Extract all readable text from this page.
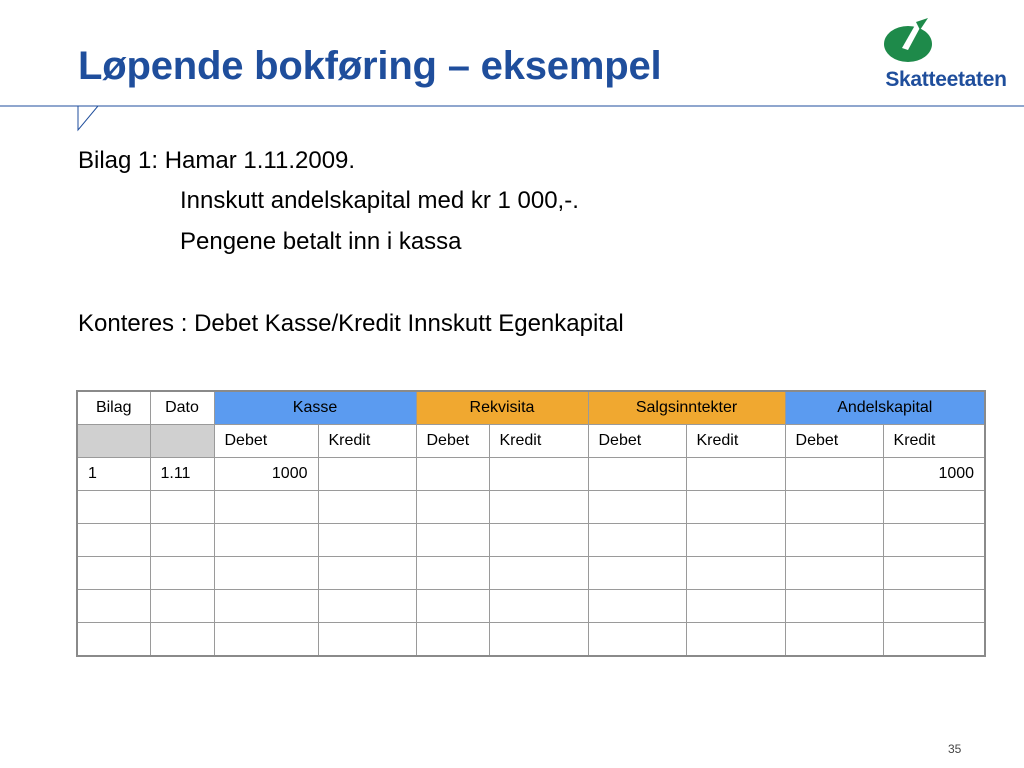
Løpende bokføring – eksempel	Skatteetaten
Bilag 1: Hamar 1.11.2009.
Innskutt andelskapital med kr 1 000,-.
Pengene betalt inn i kassa
Konteres : Debet Kasse/Kredit Innskutt Egenkapital
Bilag	Dato	Kasse		Rekvisita		Salgsinntekter		Andelskapital	
		Debet	Kredit	Debet	Kredit	Debet	Kredit	Debet	Kredit
1	1.11	1000							1000

35
